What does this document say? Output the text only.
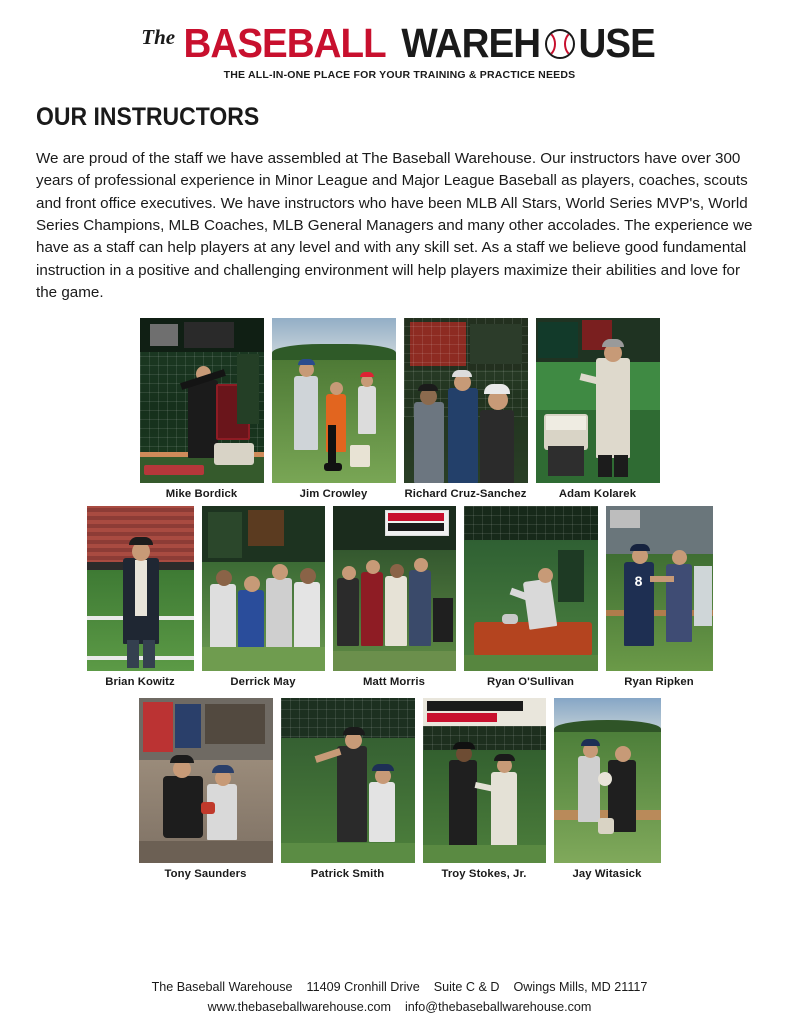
The BASEBALL WAREH USE
THE ALL-IN-ONE PLACE FOR YOUR TRAINING & PRACTICE NEEDS
OUR INSTRUCTORS

We are proud of the staff we have assembled at The Baseball Warehouse. Our instructors have over 300 years of professional experience in Minor League and Major League Baseball as players, coaches, scouts and front office executives. We have instructors who have been MLB All Stars, World Series MVP's, World Series Champions, MLB Coaches, MLB General Managers and many other accolades. The experience we have as a staff can help players at any level and with any skill set. As a staff we believe good fundamental instruction in a positive and challenging environment will help players maximize their abilities and love for the game.

Mike Bordick	Jim Crowley	Richard Cruz-Sanchez	Adam Kolarek
Brian Kowitz	Derrick May	Matt Morris	Ryan O'Sullivan
8
Ryan Ripken
Tony Saunders	Patrick Smith	Troy Stokes, Jr.	Jay Witasick
The Baseball Warehouse 11409 Cronhill Drive Suite C & D Owings Mills, MD 21117
www.thebaseballwarehouse.com info@thebaseballwarehouse.com
